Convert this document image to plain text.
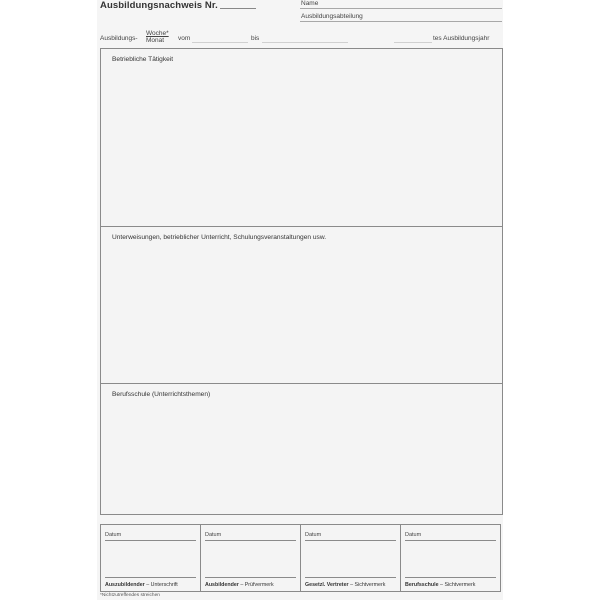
Ausbildungsnachweis Nr.	Name
Ausbildungsabteilung
Ausbildungs-
Woche*
Monat	vom	bis	tes Ausbildungsjahr
Betriebliche Tätigkeit
Unterweisungen, betrieblicher Unterricht, Schulungsveranstaltungen usw.
Berufsschule (Unterrichtsthemen)
Datum
Auszubildender – Unterschrift
Datum
Ausbildender – Prüfvermerk
Datum
Gesetzl. Vertreter – Sichtvermerk
Datum
Berufsschule – Sichtvermerk
*Nichtzutreffendes streichen
